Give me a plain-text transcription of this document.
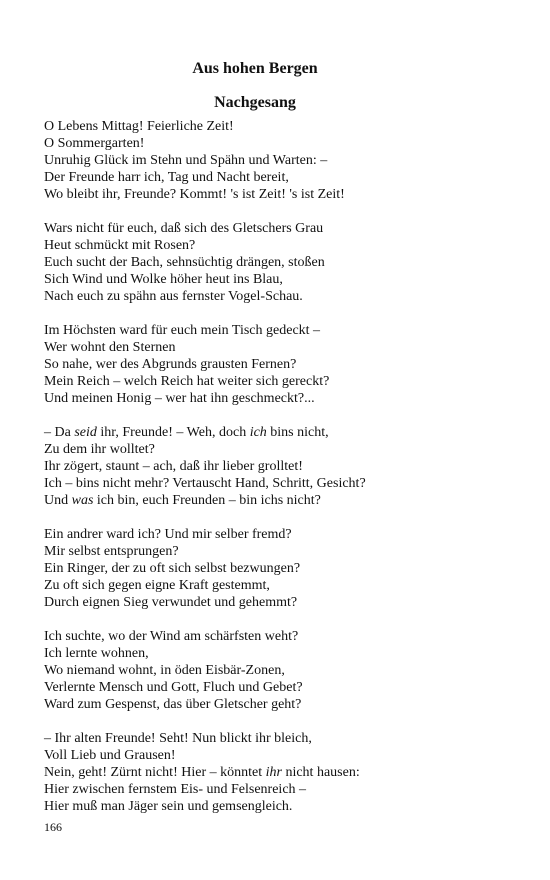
Aus hohen Bergen
Nachgesang
O Lebens Mittag! Feierliche Zeit!
O Sommergarten!
Unruhig Glück im Stehn und Spähn und Warten: –
Der Freunde harr ich, Tag und Nacht bereit,
Wo bleibt ihr, Freunde? Kommt! 's ist Zeit! 's ist Zeit!
Wars nicht für euch, daß sich des Gletschers Grau
Heut schmückt mit Rosen?
Euch sucht der Bach, sehnsüchtig drängen, stoßen
Sich Wind und Wolke höher heut ins Blau,
Nach euch zu spähn aus fernster Vogel-Schau.
Im Höchsten ward für euch mein Tisch gedeckt –
Wer wohnt den Sternen
So nahe, wer des Abgrunds grausten Fernen?
Mein Reich – welch Reich hat weiter sich gereckt?
Und meinen Honig – wer hat ihn geschmeckt?...
– Da seid ihr, Freunde! – Weh, doch ich bins nicht,
Zu dem ihr wolltet?
Ihr zögert, staunt – ach, daß ihr lieber grolltet!
Ich – bins nicht mehr? Vertauscht Hand, Schritt, Gesicht?
Und was ich bin, euch Freunden – bin ichs nicht?
Ein andrer ward ich? Und mir selber fremd?
Mir selbst entsprungen?
Ein Ringer, der zu oft sich selbst bezwungen?
Zu oft sich gegen eigne Kraft gestemmt,
Durch eignen Sieg verwundet und gehemmt?
Ich suchte, wo der Wind am schärfsten weht?
Ich lernte wohnen,
Wo niemand wohnt, in öden Eisbär-Zonen,
Verlernte Mensch und Gott, Fluch und Gebet?
Ward zum Gespenst, das über Gletscher geht?
– Ihr alten Freunde! Seht! Nun blickt ihr bleich,
Voll Lieb und Grausen!
Nein, geht! Zürnt nicht! Hier – könntet ihr nicht hausen:
Hier zwischen fernstem Eis- und Felsenreich –
Hier muß man Jäger sein und gemsengleich.
166
